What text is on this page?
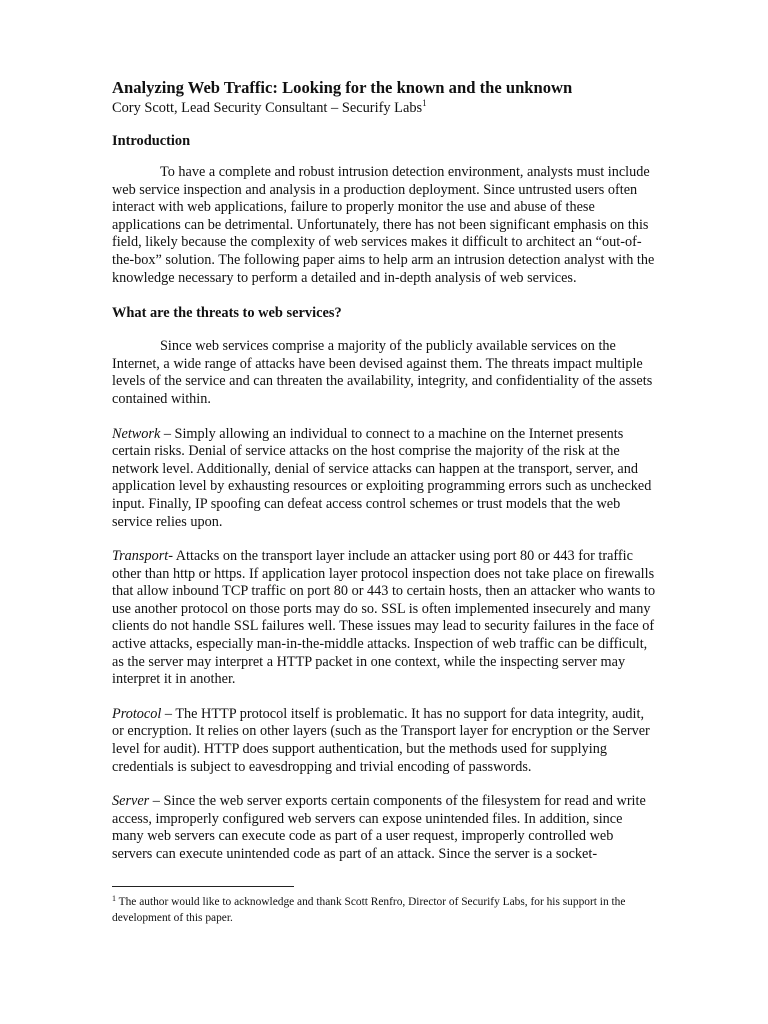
Analyzing Web Traffic: Looking for the known and the unknown

Cory Scott, Lead Security Consultant – Securify Labs$^1$

Introduction

To have a complete and robust intrusion detection environment, analysts must include web service inspection and analysis in a production deployment. Since untrusted users often interact with web applications, failure to properly monitor the use and abuse of these applications can be detrimental. Unfortunately, there has not been significant emphasis on this field, likely because the complexity of web services makes it difficult to architect an “out-of-the-box” solution. The following paper aims to help arm an intrusion detection analyst with the knowledge necessary to perform a detailed and in-depth analysis of web services.

What are the threats to web services?

Since web services comprise a majority of the publicly available services on the Internet, a wide range of attacks have been devised against them. The threats impact multiple levels of the service and can threaten the availability, integrity, and confidentiality of the assets contained within.

Network – Simply allowing an individual to connect to a machine on the Internet presents certain risks. Denial of service attacks on the host comprise the majority of the risk at the network level. Additionally, denial of service attacks can happen at the transport, server, and application level by exhausting resources or exploiting programming errors such as unchecked input. Finally, IP spoofing can defeat access control schemes or trust models that the web service relies upon.

Transport- Attacks on the transport layer include an attacker using port 80 or 443 for traffic other than http or https. If application layer protocol inspection does not take place on firewalls that allow inbound TCP traffic on port 80 or 443 to certain hosts, then an attacker who wants to use another protocol on those ports may do so. SSL is often implemented insecurely and many clients do not handle SSL failures well. These issues may lead to security failures in the face of active attacks, especially man-in-the-middle attacks. Inspection of web traffic can be difficult, as the server may interpret a HTTP packet in one context, while the inspecting server may interpret it in another.

Protocol – The HTTP protocol itself is problematic. It has no support for data integrity, audit, or encryption. It relies on other layers (such as the Transport layer for encryption or the Server level for audit). HTTP does support authentication, but the methods used for supplying credentials is subject to eavesdropping and trivial encoding of passwords.

Server – Since the web server exports certain components of the filesystem for read and write access, improperly configured web servers can expose unintended files. In addition, since many web servers can execute code as part of a user request, improperly controlled web servers can execute unintended code as part of an attack. Since the server is a socket-

$^1$ The author would like to acknowledge and thank Scott Renfro, Director of Securify Labs, for his support in the development of this paper.
